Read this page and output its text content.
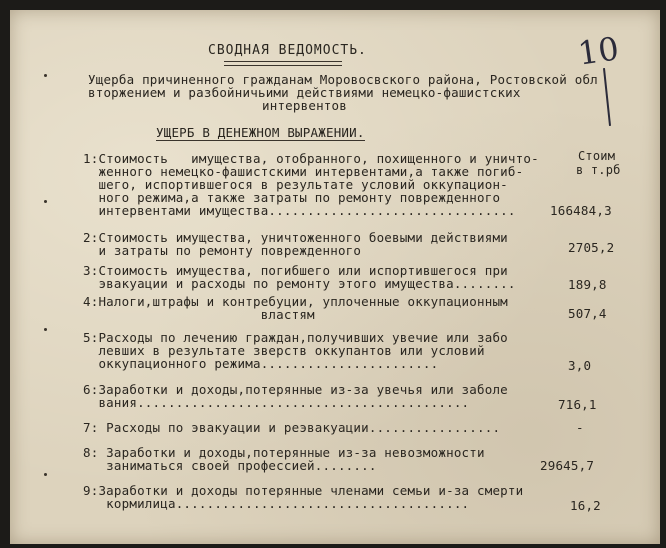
СВОДНАЯ ВЕДОМОСТЬ.	10
Ущерба причиненного гражданам Моровосвского района, Ростовской обл
вторжением и разбойничьими действиями немецко-фашистских
интервентов
УЩЕРБ В ДЕНЕЖНОМ ВЫРАЖЕНИИ.
Стоим
в т.рб
1:Стоимость   имущества, отобранного, похищенного и уничто-
женного немецко-фашистскими интервентами,а также погиб-
шего, испортившегося в результате условий оккупацион-
ного режима,а также затраты по ремонту поврежденного
интервентами имущества................................	166484,3
2:Стоимость имущества, уничтоженного боевыми действиями
и затраты по ремонту поврежденного	2705,2
3:Стоимость имущества, погибшего или испортившегося при
эвакуации и расходы по ремонту этого имущества........	189,8
4:Налоги,штрафы и контребуции, уплоченные оккупационным
властям	507,4
5:Расходы по лечению граждан,получивших увечие или забо
левших в результате зверств оккупантов или условий
оккупационного режима.......................	3,0
6:Заработки и доходы,потерянные из-за увечья или заболе
вания...........................................	716,1
7: Расходы по эвакуации и реэвакуации.................	-
8: Заработки и доходы,потерянные из-за невозможности
заниматься своей профессией........	29645,7
9:Заработки и доходы потерянные членами семьи и-за смерти
кормилица......................................	16,2
